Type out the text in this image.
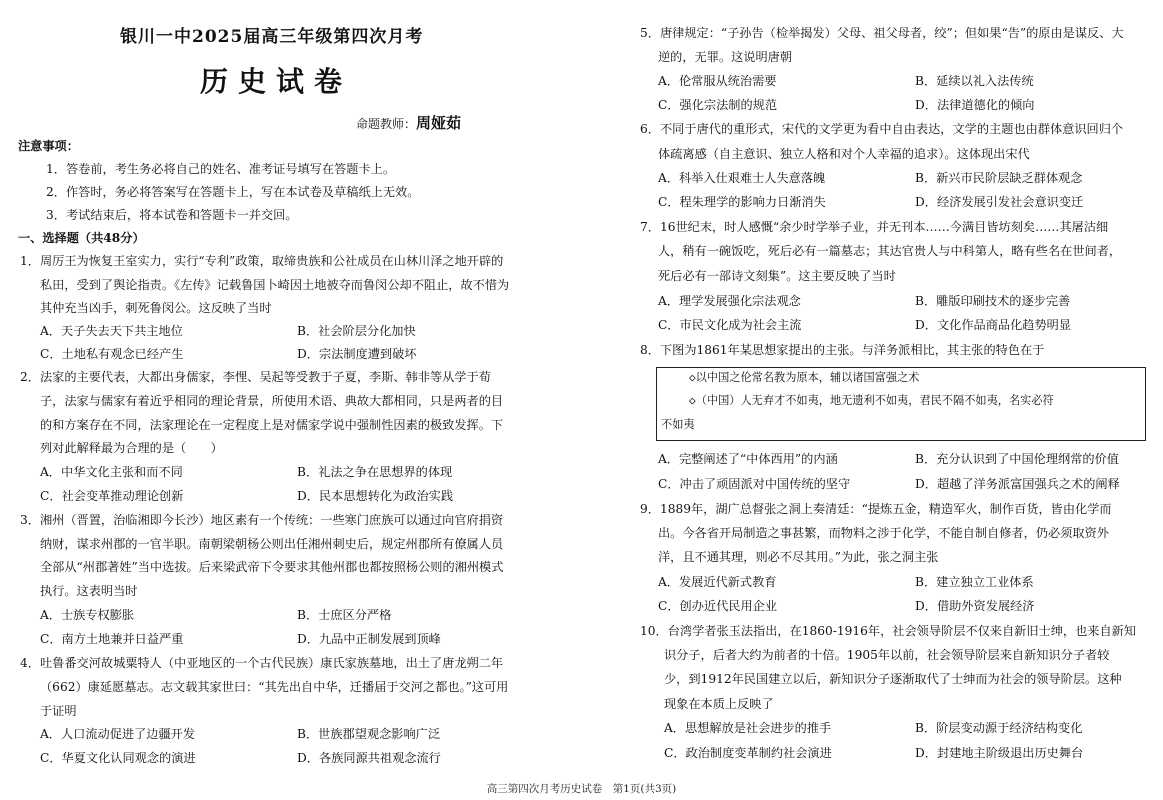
银川一中2025届高三年级第四次月考
历史试卷
命题教师：周娅茹
注意事项：
1．答卷前，考生务必将自己的姓名、准考证号填写在答题卡上。
2．作答时，务必将答案写在答题卡上，写在本试卷及草稿纸上无效。
3．考试结束后，将本试卷和答题卡一并交回。
一、选择题（共48分）
1．周厉王为恢复王室实力，实行“专利”政策，取缔贵族和公社成员在山林川泽之地开辟的
私田，受到了舆论指责。《左传》记载鲁国卜崎因土地被夺而鲁闵公却不阻止，故不惜为
其仲充当凶手，刺死鲁闵公。这反映了当时
A．天子失去天下共主地位	B．社会阶层分化加快
C．土地私有观念已经产生	D．宗法制度遭到破坏
2．法家的主要代表，大都出身儒家，李悝、吴起等受教于子夏，李斯、韩非等从学于荀
子，法家与儒家有着近乎相同的理论背景，所使用术语、典故大都相同，只是两者的目
的和方案存在不同，法家理论在一定程度上是对儒家学说中强制性因素的极致发挥。下
列对此解释最为合理的是（　　）
A．中华文化主张和而不同	B．礼法之争在思想界的体现
C．社会变革推动理论创新	D．民本思想转化为政治实践
3．湘州（晋置，治临湘即今长沙）地区素有一个传统：一些寒门庶族可以通过向官府捐资
纳财，谋求州郡的一官半职。南朝梁朝杨公则出任湘州刺史后，规定州郡所有僚属人员
全部从“州郡著姓”当中选拔。后来梁武帝下令要求其他州郡也都按照杨公则的湘州模式
执行。这表明当时
A．士族专权膨胀	B．士庶区分严格
C．南方土地兼并日益严重	D．九品中正制发展到顶峰
4．吐鲁番交河故城粟特人（中亚地区的一个古代民族）康氏家族墓地，出土了唐龙朔二年
（662）康延愿墓志。志文载其家世曰：“其先出自中华，迁播届于交河之都也。”这可用
于证明
A．人口流动促进了边疆开发	B．世族郡望观念影响广泛
C．华夏文化认同观念的演进	D．各族同源共祖观念流行
5．唐律规定：“子孙告（检举揭发）父母、祖父母者，绞”；但如果“告”的原由是谋反、大
逆的，无罪。这说明唐朝
A．伦常服从统治需要	B．延续以礼入法传统
C．强化宗法制的规范	D．法律道德化的倾向
6．不同于唐代的重形式，宋代的文学更为看中自由表达，文学的主题也由群体意识回归个
体疏离感（自主意识、独立人格和对个人幸福的追求）。这体现出宋代
A．科举入仕艰难士人失意落魄	B．新兴市民阶层缺乏群体观念
C．程朱理学的影响力日渐消失	D．经济发展引发社会意识变迁
7．16世纪末，时人感慨“余少时学举子业，并无刊本……今满目皆坊刻矣……其屠沽细
人，稍有一碗饭吃，死后必有一篇墓志；其达官贵人与中科第人，略有些名在世间者，
死后必有一部诗文刻集”。这主要反映了当时
A．理学发展强化宗法观念	B．雕版印刷技术的逐步完善
C．市民文化成为社会主流	D．文化作品商品化趋势明显
8．下图为1861年某思想家提出的主张。与洋务派相比，其主张的特色在于
◇以中国之伦常名教为原本，辅以诸国富强之术
◇（中国）人无弃才不如夷，地无遗利不如夷，君民不隔不如夷，名实必符
不如夷
A．完整阐述了“中体西用”的内涵	B．充分认识到了中国伦理纲常的价值
C．冲击了顽固派对中国传统的坚守	D．超越了洋务派富国强兵之术的阐释
9．1889年，湖广总督张之洞上奏清廷：“提炼五金，精造军火，制作百货，皆由化学而
出。今各省开局制造之事甚繁，而物料之涉于化学，不能自制自修者，仍必须取资外
洋，且不通其理，则必不尽其用。”为此，张之洞主张
A．发展近代新式教育	B．建立独立工业体系
C．创办近代民用企业	D．借助外资发展经济
10．台湾学者张玉法指出，在1860-1916年，社会领导阶层不仅来自新旧士绅，也来自新知
识分子，后者大约为前者的十倍。1905年以前，社会领导阶层来自新知识分子者较
少，到1912年民国建立以后，新知识分子逐渐取代了士绅而为社会的领导阶层。这种
现象在本质上反映了
A．思想解放是社会进步的推手	B．阶层变动源于经济结构变化
C．政治制度变革制约社会演进	D．封建地主阶级退出历史舞台
高三第四次月考历史试卷　第1页(共3页)
